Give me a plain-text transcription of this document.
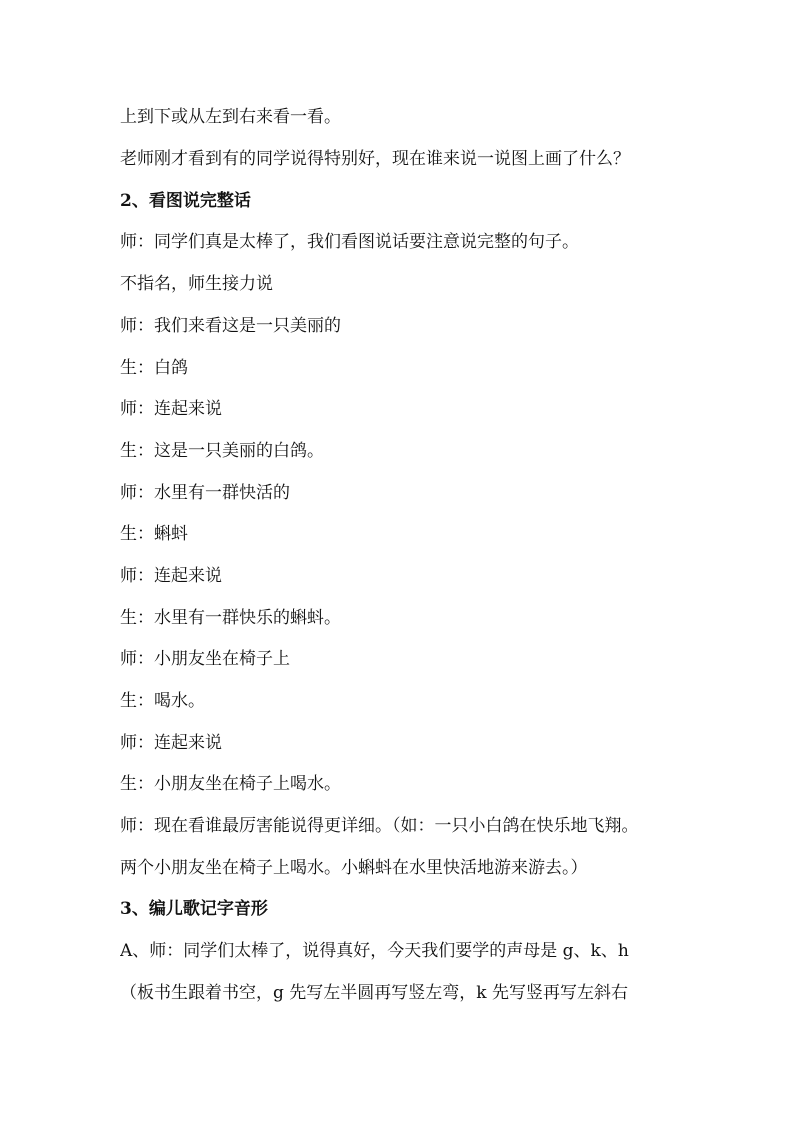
上到下或从左到右来看一看。
老师刚才看到有的同学说得特别好，现在谁来说一说图上画了什么？
2、看图说完整话
师：同学们真是太棒了，我们看图说话要注意说完整的句子。
不指名，师生接力说
师：我们来看这是一只美丽的
生：白鸽
师：连起来说
生：这是一只美丽的白鸽。
师：水里有一群快活的
生：蝌蚪
师：连起来说
生：水里有一群快乐的蝌蚪。
师：小朋友坐在椅子上
生：喝水。
师：连起来说
生：小朋友坐在椅子上喝水。
师：现在看谁最厉害能说得更详细。（如：一只小白鸽在快乐地飞翔。
两个小朋友坐在椅子上喝水。小蝌蚪在水里快活地游来游去。）
3、编儿歌记字音形
A、师：同学们太棒了，说得真好，今天我们要学的声母是 g、k、h
（板书生跟着书空，g 先写左半圆再写竖左弯，k 先写竖再写左斜右
